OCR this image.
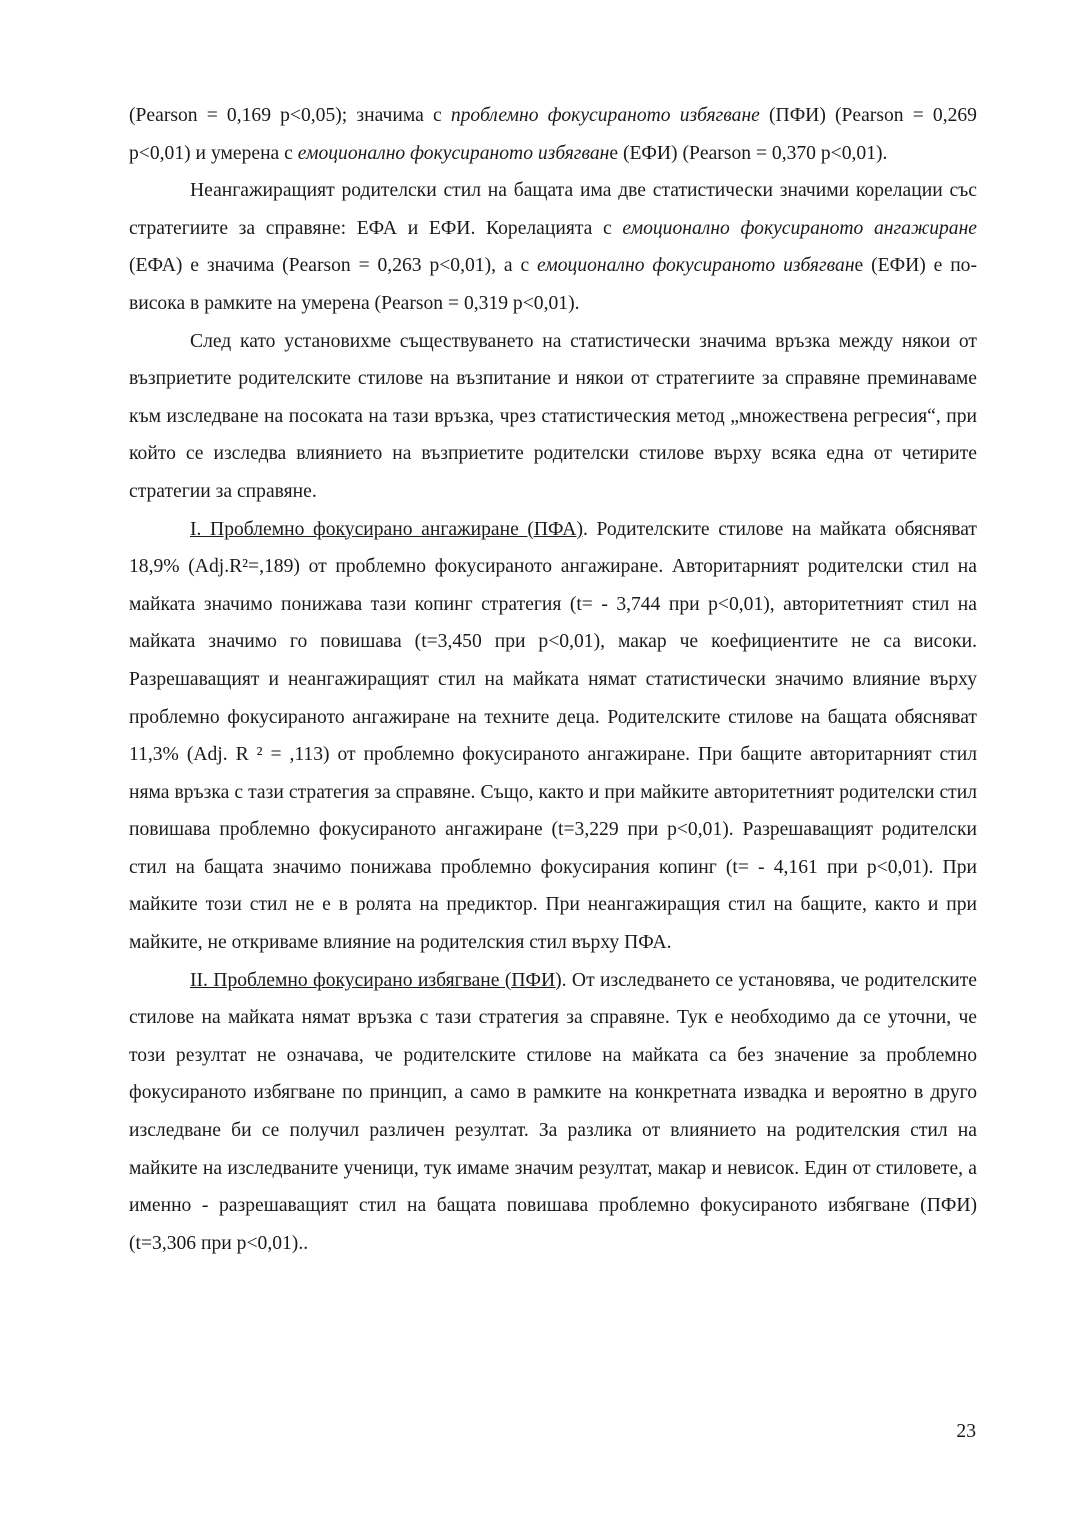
(Pearson = 0,169 p<0,05); значима с проблемно фокусираното избягване (ПФИ) (Pearson = 0,269 p<0,01) и умерена с емоционално фокусираното избягване (ЕФИ) (Pearson = 0,370 p<0,01).

Неангажиращият родителски стил на бащата има две статистически значими корелации със стратегиите за справяне: ЕФА и ЕФИ. Корелацията с емоционално фокусираното ангажиране (ЕФА) е значима (Pearson = 0,263 p<0,01), а с емоционално фокусираното избягване (ЕФИ) е по-висока в рамките на умерена (Pearson = 0,319 p<0,01).

След като установихме съществуването на статистически значима връзка между някои от възприетите родителските стилове на възпитание и някои от стратегиите за справяне преминаваме към изследване на посоката на тази връзка, чрез статистическия метод „множествена регресия“, при който се изследва влиянието на възприетите родителски стилове върху всяка една от четирите стратегии за справяне.

I. Проблемно фокусирано ангажиране (ПФА). Родителските стилове на майката обясняват 18,9% (Adj.R²=,189) от проблемно фокусираното ангажиране. Авторитарният родителски стил на майката значимо понижава тази копинг стратегия (t= - 3,744 при p<0,01), авторитетният стил на майката значимо го повишава (t=3,450 при p<0,01), макар че коефициентите не са високи. Разрешаващият и неангажиращият стил на майката нямат статистически значимо влияние върху проблемно фокусираното ангажиране на техните деца. Родителските стилове на бащата обясняват 11,3% (Adj. R ² = ,113) от проблемно фокусираното ангажиране. При бащите авторитарният стил няма връзка с тази стратегия за справяне. Също, както и при майките авторитетният родителски стил повишава проблемно фокусираното ангажиране (t=3,229 при p<0,01). Разрешаващият родителски стил на бащата значимо понижава проблемно фокусирания копинг (t= - 4,161 при p<0,01). При майките този стил не е в ролята на предиктор. При неангажиращия стил на бащите, както и при майките, не откриваме влияние на родителския стил върху ПФА.

II. Проблемно фокусирано избягване (ПФИ). От изследването се установява, че родителските стилове на майката нямат връзка с тази стратегия за справяне. Тук е необходимо да се уточни, че този резултат не означава, че родителските стилове на майката са без значение за проблемно фокусираното избягване по принцип, а само в рамките на конкретната извадка и вероятно в друго изследване би се получил различен резултат. За разлика от влиянието на родителския стил на майките на изследваните ученици, тук имаме значим резултат, макар и невисок. Един от стиловете, а именно - разрешаващият стил на бащата повишава проблемно фокусираното избягване (ПФИ) (t=3,306 при p<0,01)..

23
